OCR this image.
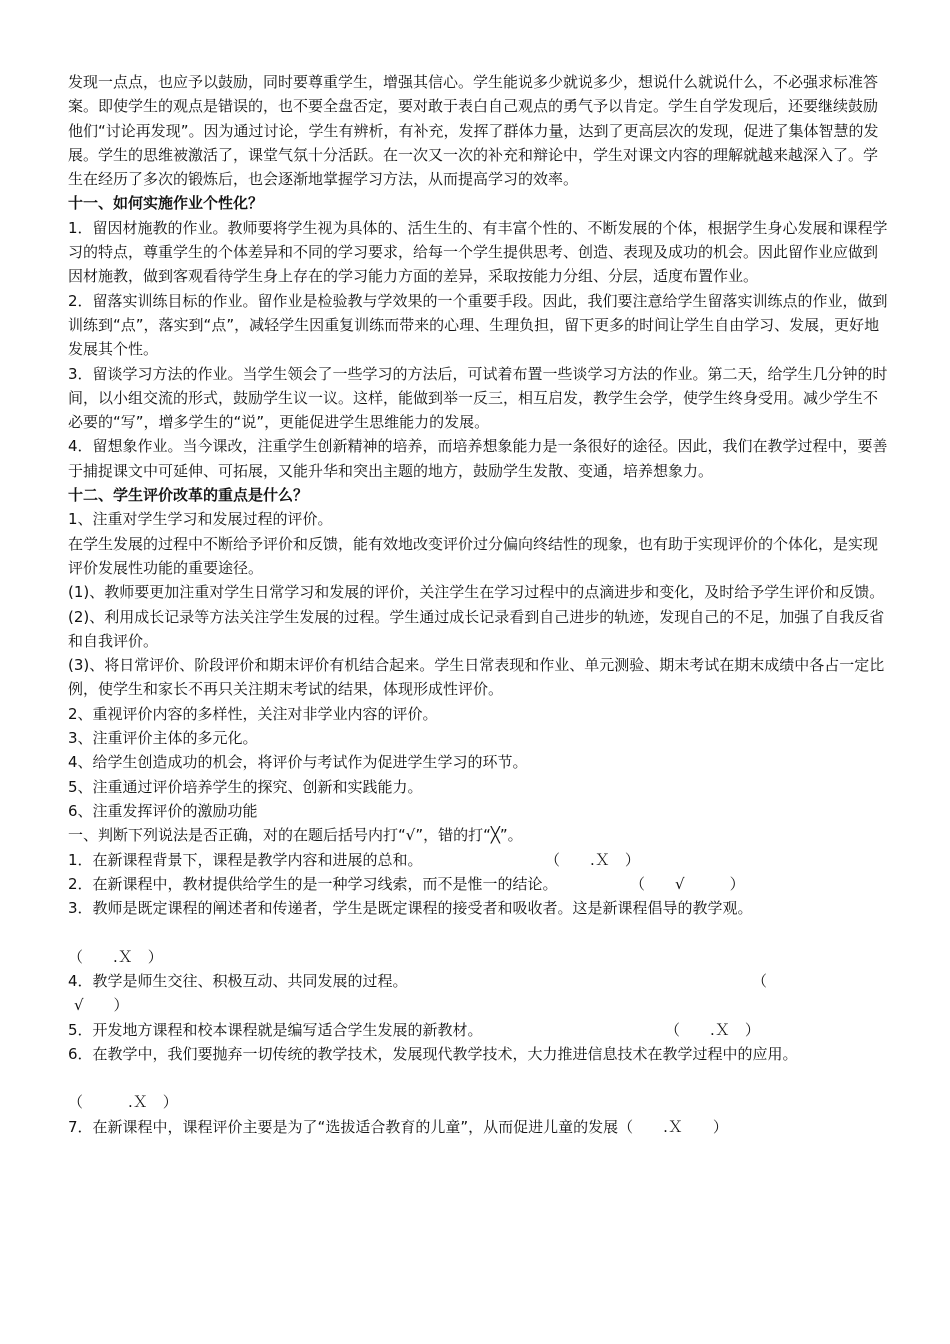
发现一点点，也应予以鼓励，同时要尊重学生，增强其信心。学生能说多少就说多少，想说什么就说什么，不必强求标准答案。即使学生的观点是错误的，也不要全盘否定，要对敢于表白自己观点的勇气予以肯定。学生自学发现后，还要继续鼓励他们“讨论再发现”。因为通过讨论，学生有辨析，有补充，发挥了群体力量，达到了更高层次的发现，促进了集体智慧的发展。学生的思维被激活了，课堂气氛十分活跃。在一次又一次的补充和辩论中，学生对课文内容的理解就越来越深入了。学生在经历了多次的锻炼后，也会逐渐地掌握学习方法，从而提高学习的效率。

十一、如何实施作业个性化？

1．留因材施教的作业。教师要将学生视为具体的、活生生的、有丰富个性的、不断发展的个体，根据学生身心发展和课程学习的特点，尊重学生的个体差异和不同的学习要求，给每一个学生提供思考、创造、表现及成功的机会。因此留作业应做到因材施教，做到客观看待学生身上存在的学习能力方面的差异，采取按能力分组、分层，适度布置作业。

2．留落实训练目标的作业。留作业是检验教与学效果的一个重要手段。因此，我们要注意给学生留落实训练点的作业，做到训练到“点”，落实到“点”，减轻学生因重复训练而带来的心理、生理负担，留下更多的时间让学生自由学习、发展，更好地发展其个性。

3．留谈学习方法的作业。当学生领会了一些学习的方法后，可试着布置一些谈学习方法的作业。第二天，给学生几分钟的时间，以小组交流的形式，鼓励学生议一议。这样，能做到举一反三，相互启发，教学生会学，使学生终身受用。减少学生不必要的“写”，增多学生的“说”，更能促进学生思维能力的发展。

4．留想象作业。当今课改，注重学生创新精神的培养，而培养想象能力是一条很好的途径。因此，我们在教学过程中，要善于捕捉课文中可延伸、可拓展，又能升华和突出主题的地方，鼓励学生发散、变通，培养想象力。

十二、学生评价改革的重点是什么？

1、注重对学生学习和发展过程的评价。

在学生发展的过程中不断给予评价和反馈，能有效地改变评价过分偏向终结性的现象，也有助于实现评价的个体化，是实现评价发展性功能的重要途径。

(1)、教师要更加注重对学生日常学习和发展的评价，关注学生在学习过程中的点滴进步和变化，及时给予学生评价和反馈。

(2)、利用成长记录等方法关注学生发展的过程。学生通过成长记录看到自己进步的轨迹，发现自己的不足，加强了自我反省和自我评价。

(3)、将日常评价、阶段评价和期末评价有机结合起来。学生日常表现和作业、单元测验、期末考试在期末成绩中各占一定比例，使学生和家长不再只关注期末考试的结果，体现形成性评价。

2、重视评价内容的多样性，关注对非学业内容的评价。

3、注重评价主体的多元化。

4、给学生创造成功的机会，将评价与考试作为促进学生学习的环节。

5、注重通过评价培养学生的探究、创新和实践能力。

6、注重发挥评价的激励功能

一、判断下列说法是否正确，对的在题后括号内打“√”，错的打“╳”。

1．在新课程背景下，课程是教学内容和进展的总和。	（　　.Ｘ　）

2．在新课程中，教材提供给学生的是一种学习线索，而不是惟一的结论。	（　　√　　　）

3．教师是既定课程的阐述者和传递者，学生是既定课程的接受者和吸收者。这是新课程倡导的教学观。

（　　.Ｘ　）

4．教学是师生交往、积极互动、共同发展的过程。	（

√　　）

5．开发地方课程和校本课程就是编写适合学生发展的新教材。	（　　.Ｘ　）

6．在教学中，我们要抛弃一切传统的教学技术，发展现代教学技术，大力推进信息技术在教学过程中的应用。

（　　　.Ｘ　）

7．在新课程中，课程评价主要是为了“选拔适合教育的儿童”，从而促进儿童的发展（　　.Ｘ　　）
